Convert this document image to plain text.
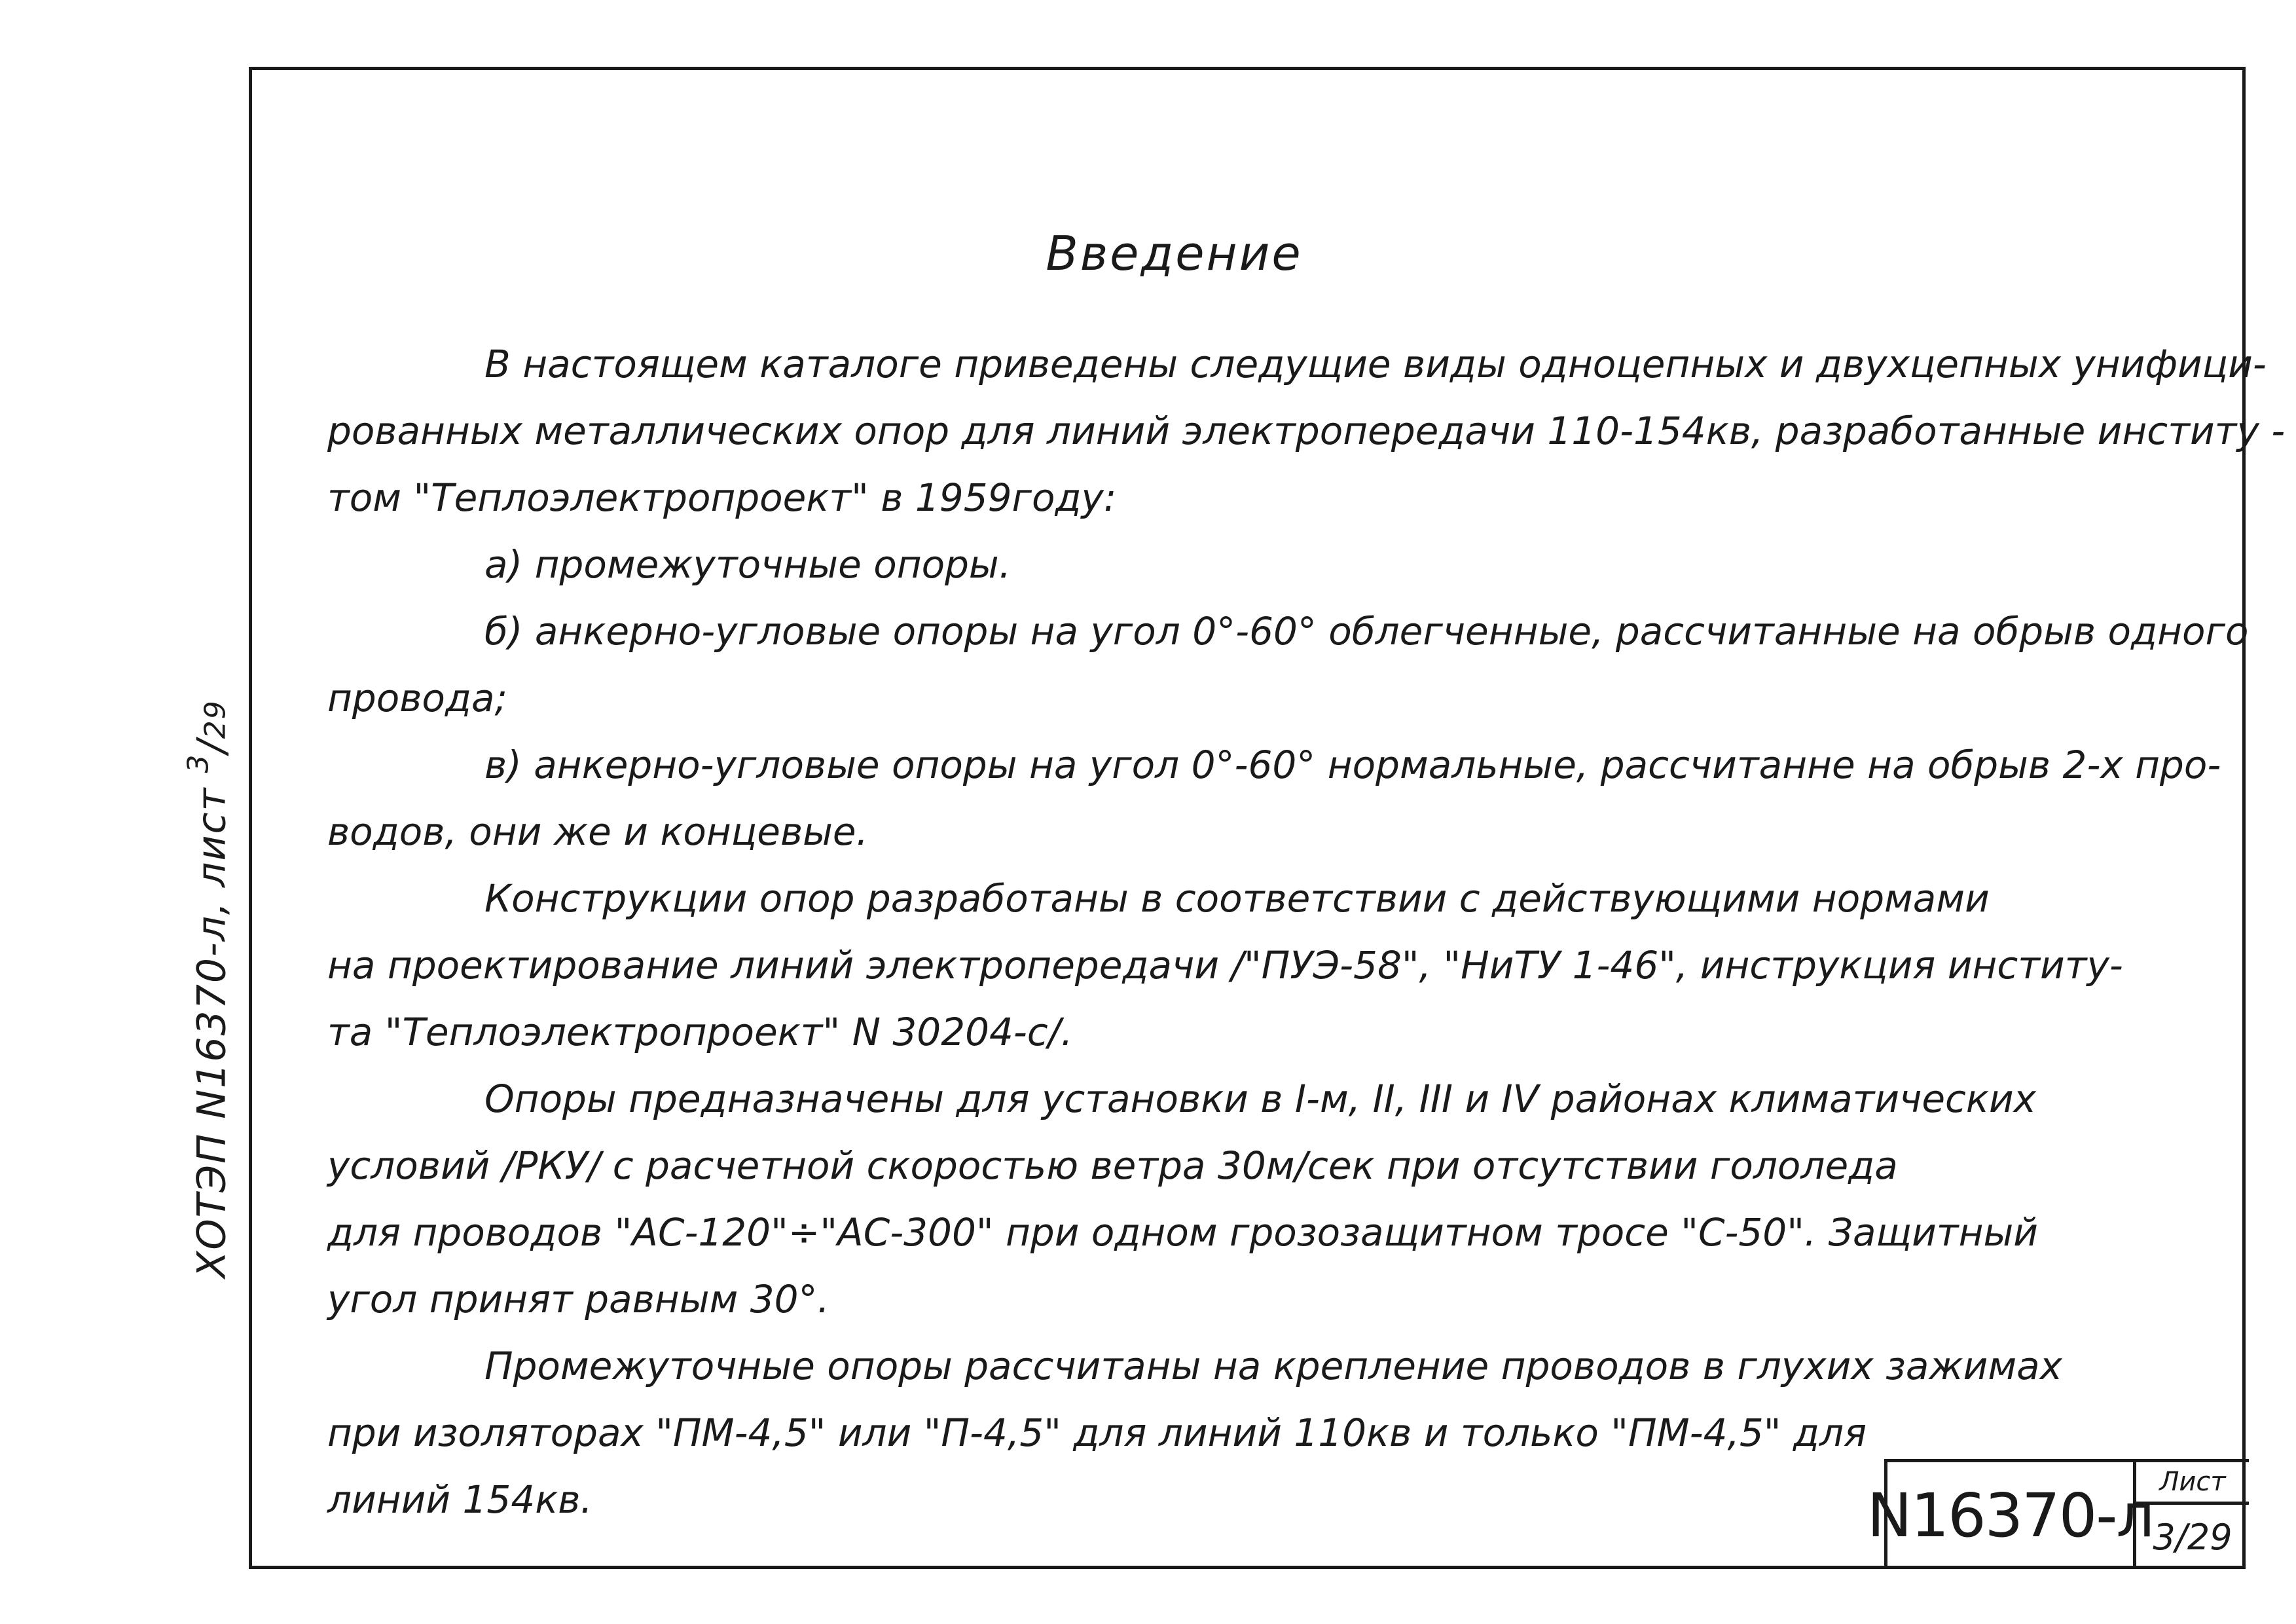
ХОТЭП N16370-л, лист $^3$/29
Введение

В настоящем каталоге приведены следущие виды одноцепных и двухцепных унифици-

рованных металлических опор для линий электропередачи 110-154кв, разработанные институ -

том "Теплоэлектропроект" в 1959году:

а) промежуточные опоры.

б) анкерно-угловые опоры на угол 0°-60° облегченные, рассчитанные на обрыв одного

провода;

в) анкерно-угловые опоры на угол 0°-60° нормальные, рассчитанне на обрыв 2-х про-

водов, они же и концевые.

Конструкции опор разработаны в соответствии с действующими нормами

на проектирование линий электропередачи /"ПУЭ-58", "НиТУ 1-46", инструкция институ-

та "Теплоэлектропроект" N 30204-с/.

Опоры предназначены для установки в I-м, II, III и IV районах климатических

условий /РКУ/ с расчетной скоростью ветра 30м/сек при отсутствии гололеда

для проводов "АС-120"÷"АС-300" при одном грозозащитном тросе "С-50". Защитный

угол принят равным 30°.

Промежуточные опоры рассчитаны на крепление проводов в глухих зажимах

при изоляторах "ПМ-4,5" или "П-4,5" для линий 110кв и только "ПМ-4,5" для

линий 154кв.	N16370-л Лист
3/29
